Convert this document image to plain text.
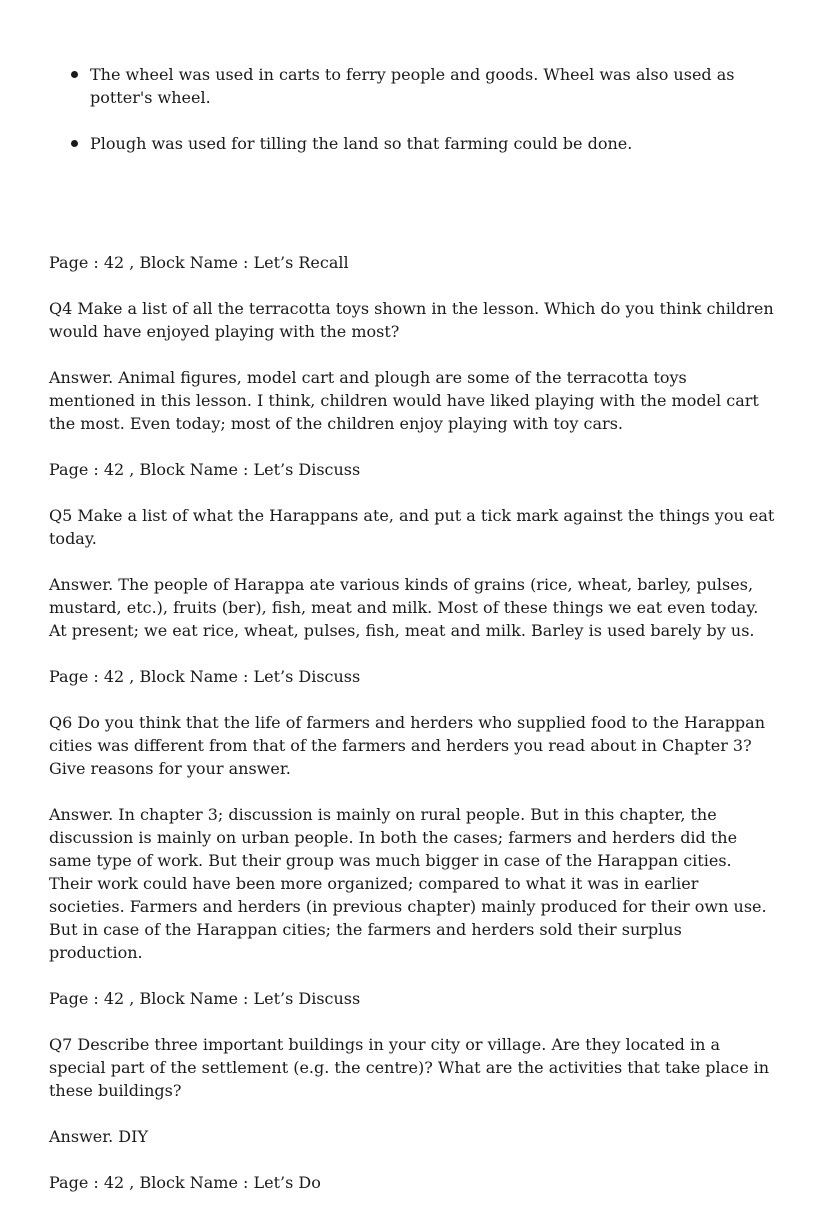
The wheel was used in carts to ferry people and goods. Wheel was also used as potter's wheel.
Plough was used for tilling the land so that farming could be done.

Page : 42 , Block Name : Let’s Recall

Q4 Make a list of all the terracotta toys shown in the lesson. Which do you think children would have enjoyed playing with the most?

Answer. Animal figures, model cart and plough are some of the terracotta toys mentioned in this lesson. I think, children would have liked playing with the model cart the most. Even today; most of the children enjoy playing with toy cars.

Page : 42 , Block Name : Let’s Discuss

Q5 Make a list of what the Harappans ate, and put a tick mark against the things you eat today.

Answer. The people of Harappa ate various kinds of grains (rice, wheat, barley, pulses, mustard, etc.), fruits (ber), fish, meat and milk. Most of these things we eat even today. At present; we eat rice, wheat, pulses, fish, meat and milk. Barley is used barely by us.

Page : 42 , Block Name : Let’s Discuss

Q6 Do you think that the life of farmers and herders who supplied food to the Harappan cities was different from that of the farmers and herders you read about in Chapter 3? Give reasons for your answer.

Answer. In chapter 3; discussion is mainly on rural people. But in this chapter, the discussion is mainly on urban people. In both the cases; farmers and herders did the same type of work. But their group was much bigger in case of the Harappan cities. Their work could have been more organized; compared to what it was in earlier societies. Farmers and herders (in previous chapter) mainly produced for their own use. But in case of the Harappan cities; the farmers and herders sold their surplus production.

Page : 42 , Block Name : Let’s Discuss

Q7 Describe three important buildings in your city or village. Are they located in a special part of the settlement (e.g. the centre)? What are the activities that take place in these buildings?

Answer. DIY

Page : 42 , Block Name : Let’s Do
